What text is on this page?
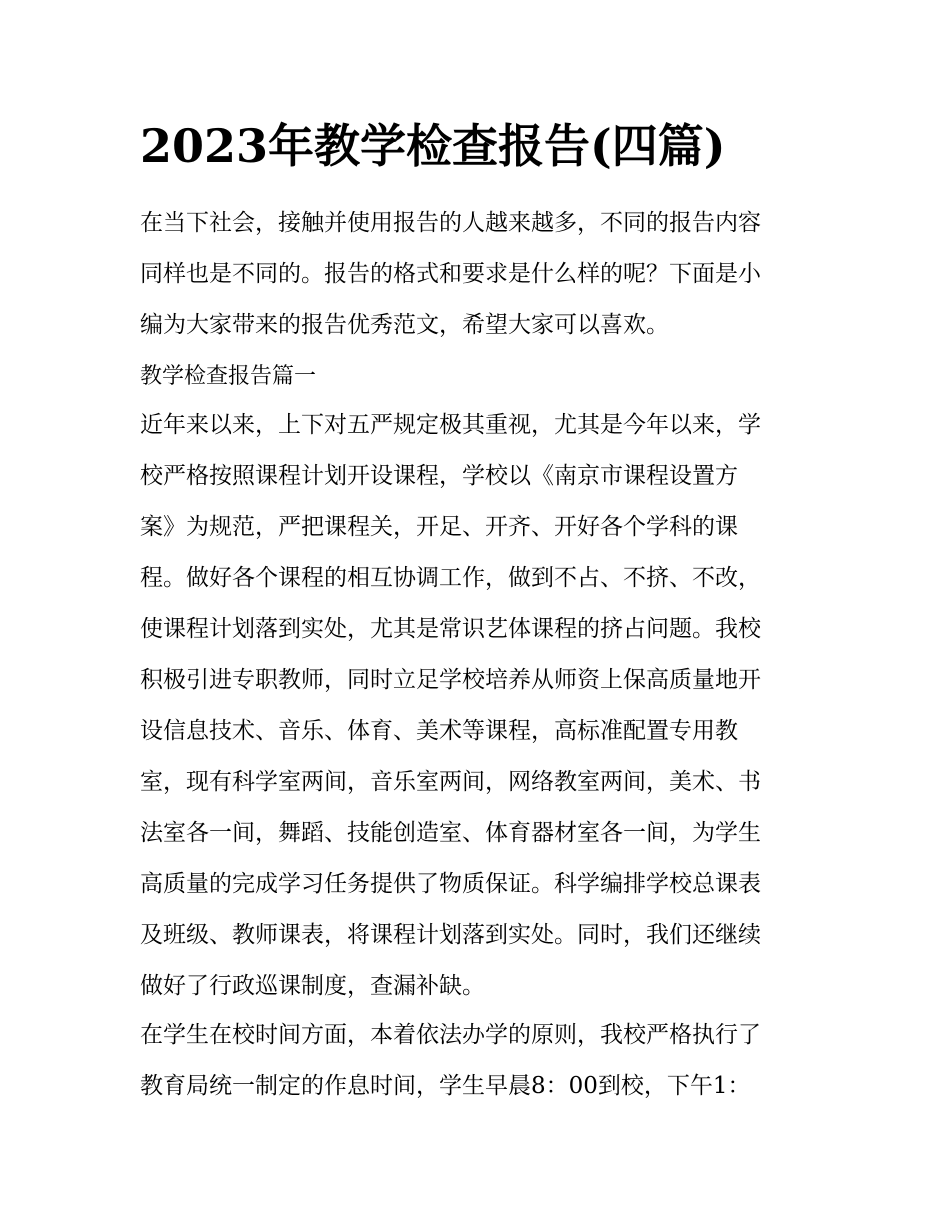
2023年教学检查报告(四篇)
在当下社会，接触并使用报告的人越来越多，不同的报告内容
同样也是不同的。报告的格式和要求是什么样的呢？下面是小
编为大家带来的报告优秀范文，希望大家可以喜欢。
教学检查报告篇一
近年来以来，上下对五严规定极其重视，尤其是今年以来，学
校严格按照课程计划开设课程，学校以《南京市课程设置方
案》为规范，严把课程关，开足、开齐、开好各个学科的课
程。做好各个课程的相互协调工作，做到不占、不挤、不改，
使课程计划落到实处，尤其是常识艺体课程的挤占问题。我校
积极引进专职教师，同时立足学校培养从师资上保高质量地开
设信息技术、音乐、体育、美术等课程，高标准配置专用教
室，现有科学室两间，音乐室两间，网络教室两间，美术、书
法室各一间，舞蹈、技能创造室、体育器材室各一间，为学生
高质量的完成学习任务提供了物质保证。科学编排学校总课表
及班级、教师课表，将课程计划落到实处。同时，我们还继续
做好了行政巡课制度，查漏补缺。
在学生在校时间方面，本着依法办学的原则，我校严格执行了
教育局统一制定的作息时间，学生早晨8：00到校，下午1：
